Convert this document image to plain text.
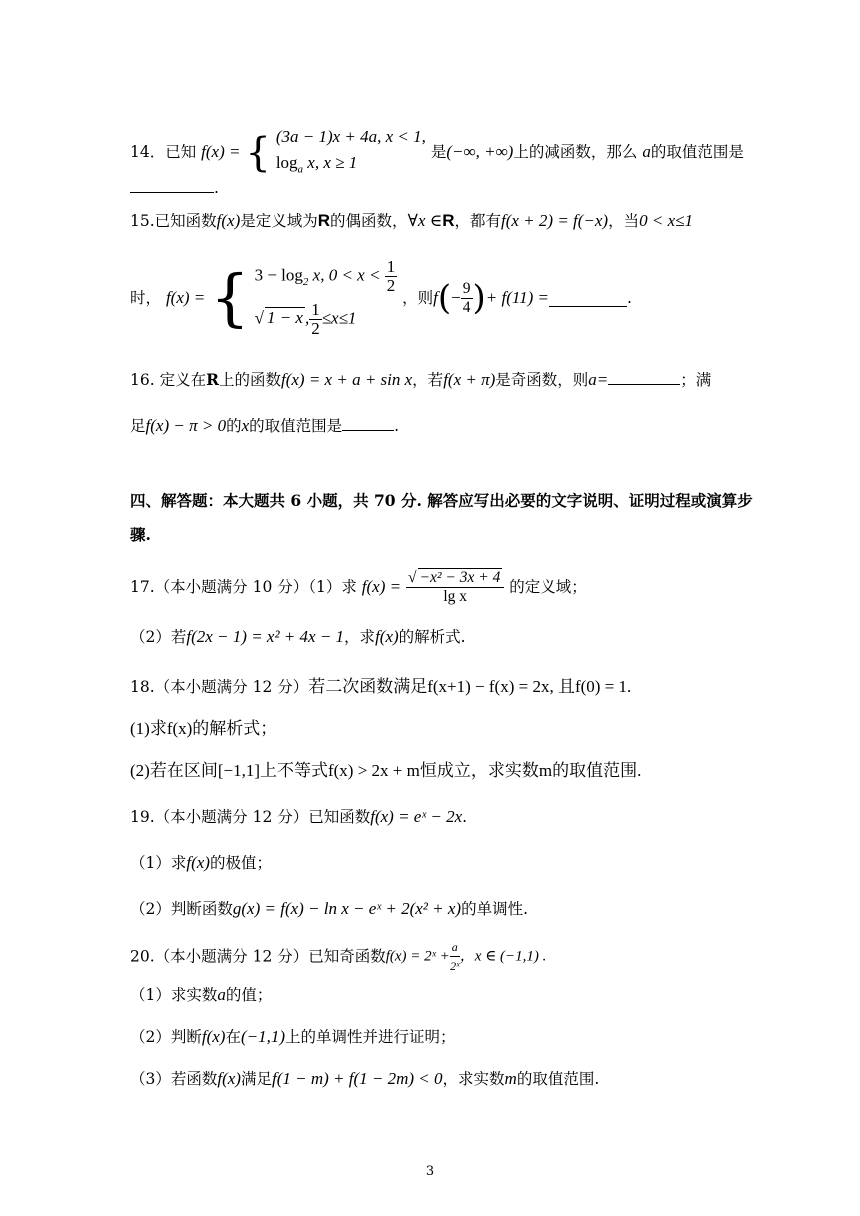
14．已知 f(x) = { (3a − 1)x + 4a, x < 1,
$\log_a x$, x ≥ 1
是(−∞, +∞)上的减函数，那么 a的取值范围是
.
15.已知函数f(x)是定义域为R的偶函数，∀x ∈R，都有f(x + 2) = f(−x)，当0 < x≤1
时， f(x) = { $3 - \log_2 x$, $0 < x < \frac{1}{2}$
√ 1 − x , $\frac{1}{2} \le x\le 1$
，则$f(- \frac{9}{4}$ )+ f(11) =	.
16. 定义在R上的函数f(x) = x + a + sin x，若f(x + π)是奇函数，则a=	；满
足f(x) − π > 0的x的取值范围是	.
四、解答题：本大题共 6 小题，共 70 分. 解答应写出必要的文字说明、证明过程或演算步
骤.
17.（本小题满分 10 分）（1）求 $f(x) = \frac{\text{√ −x² − 3x + 4}}{\text{lg x}}$ 的定义域；
（2）若f(2x − 1) = x² + 4x − 1，求f(x)的解析式.
18.（本小题满分 12 分）若二次函数满足f(x+1) − f(x) = 2x, 且f(0) = 1.
(1)求f(x)的解析式；
(2)若在区间[−1,1]上不等式f(x) > 2x + m恒成立，求实数m的取值范围.
19.（本小题满分 12 分）已知函数f(x) = eˣ − 2x.
（1）求f(x)的极值；
（2）判断函数g(x) = f(x) − ln x − eˣ + 2(x² + x)的单调性.
20.（本小题满分 12 分）已知奇函数f(x) = 2ˣ + $\frac{a}{\text{2ˣ}}$ ，x ∈ (−1,1) .
（1）求实数a的值；
（2）判断f(x)在(−1,1)上的单调性并进行证明；
（3）若函数f(x)满足f(1 − m) + f(1 − 2m) < 0，求实数m的取值范围.
3
